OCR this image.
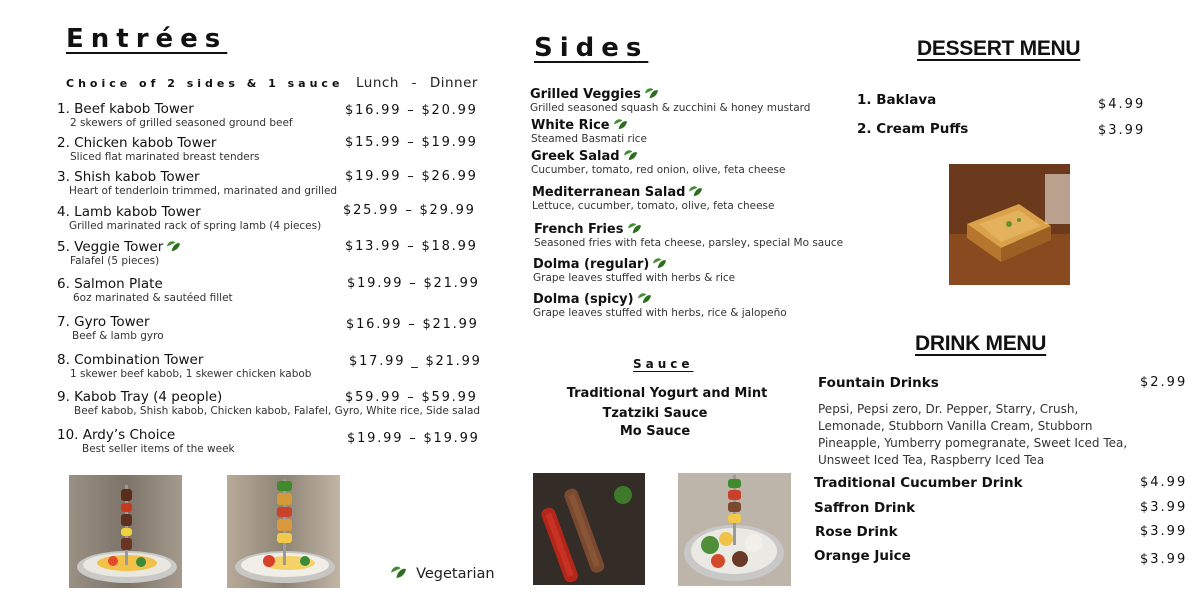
Entrées
Choice of 2 sides & 1 sauce Lunch - Dinner
1. Beef kabob Tower
2 skewers of grilled seasoned ground beef
$16.99 – $20.99
2. Chicken kabob Tower
Sliced flat marinated breast tenders
$15.99 – $19.99
3. Shish kabob Tower
Heart of tenderloin trimmed, marinated and grilled
$19.99 – $26.99
4. Lamb kabob Tower
Grilled marinated rack of spring lamb (4 pieces)
$25.99 – $29.99
5. Veggie Tower
Falafel (5 pieces)
$13.99 – $18.99
6. Salmon Plate
6oz marinated & sautéed fillet
$19.99 – $21.99
7. Gyro Tower
Beef & lamb gyro
$16.99 – $21.99
8. Combination Tower
1 skewer beef kabob, 1 skewer chicken kabob
$17.99 _ $21.99
9. Kabob Tray (4 people)
Beef kabob, Shish kabob, Chicken kabob, Falafel, Gyro, White rice, Side salad
$59.99 – $59.99
10. Ardy’s Choice
Best seller items of the week
$19.99 – $19.99
Vegetarian
Sides
Grilled Veggies
Grilled seasoned squash & zucchini & honey mustard
White Rice
Steamed Basmati rice
Greek Salad
Cucumber, tomato, red onion, olive, feta cheese
Mediterranean Salad
Lettuce, cucumber, tomato, olive, feta cheese
French Fries
Seasoned fries with feta cheese, parsley, special Mo sauce
Dolma (regular)
Grape leaves stuffed with herbs & rice
Dolma (spicy)
Grape leaves stuffed with herbs, rice & jalopeño
Sauce
Traditional Yogurt and Mint
Tzatziki Sauce
Mo Sauce
DESSERT MENU
1. Baklava	$4.99
2. Cream Puffs	$3.99
DRINK MENU
Fountain Drinks	$2.99
Pepsi, Pepsi zero, Dr. Pepper, Starry, Crush, Lemonade, Stubborn Vanilla Cream, Stubborn Pineapple, Yumberry pomegranate, Sweet Iced Tea, Unsweet Iced Tea, Raspberry Iced Tea
Traditional Cucumber Drink	$4.99
Saffron Drink	$3.99
Rose Drink	$3.99
Orange Juice	$3.99
